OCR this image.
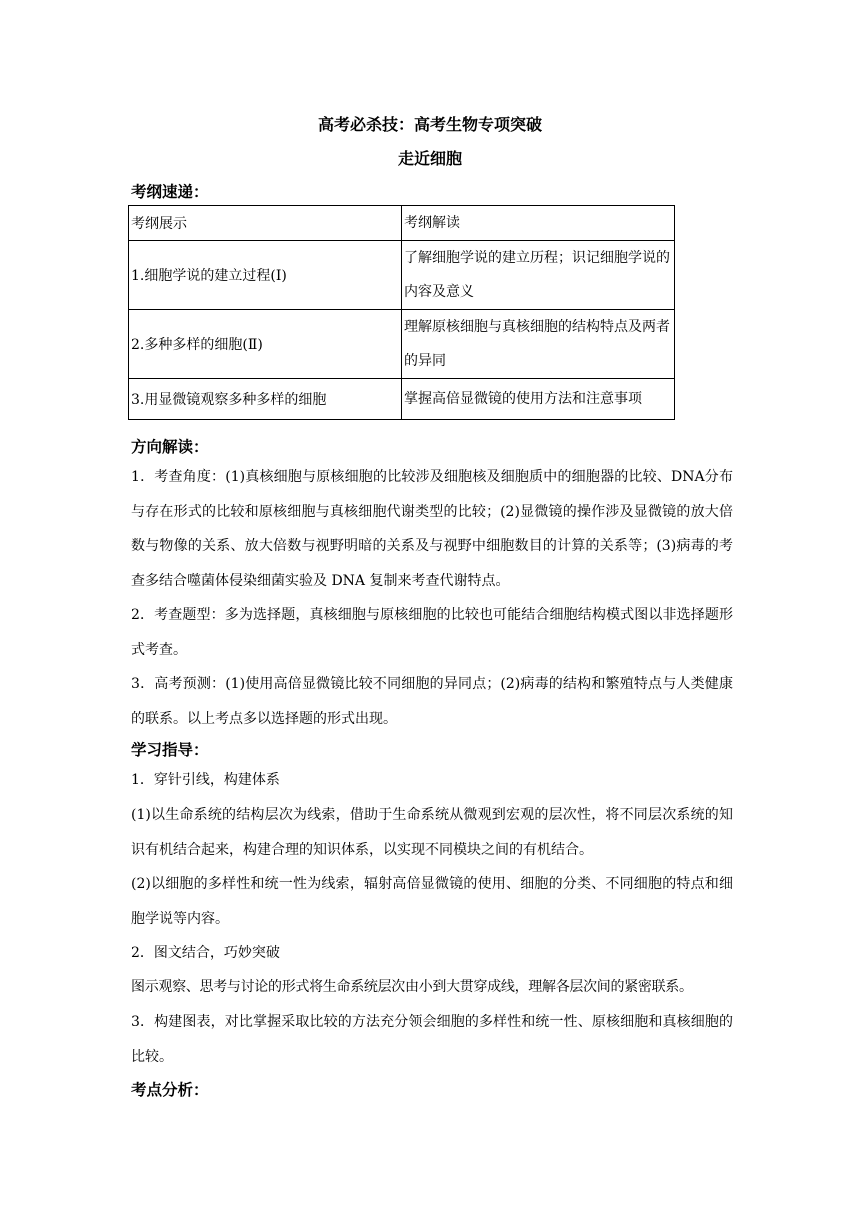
高考必杀技：高考生物专项突破
走近细胞
考纲速递：
考纲展示	考纲解读
1.细胞学说的建立过程(Ⅰ)	了解细胞学说的建立历程；识记细胞学说的内容及意义
2.多种多样的细胞(Ⅱ)	理解原核细胞与真核细胞的结构特点及两者的异同
3.用显微镜观察多种多样的细胞	掌握高倍显微镜的使用方法和注意事项
方向解读：
1．考查角度：(1)真核细胞与原核细胞的比较涉及细胞核及细胞质中的细胞器的比较、DNA分布与存在形式的比较和原核细胞与真核细胞代谢类型的比较；(2)显微镜的操作涉及显微镜的放大倍数与物像的关系、放大倍数与视野明暗的关系及与视野中细胞数目的计算的关系等；(3)病毒的考查多结合噬菌体侵染细菌实验及 DNA 复制来考查代谢特点。
2．考查题型：多为选择题，真核细胞与原核细胞的比较也可能结合细胞结构模式图以非选择题形式考查。
3．高考预测：(1)使用高倍显微镜比较不同细胞的异同点；(2)病毒的结构和繁殖特点与人类健康的联系。以上考点多以选择题的形式出现。
学习指导：
1．穿针引线，构建体系
(1)以生命系统的结构层次为线索，借助于生命系统从微观到宏观的层次性，将不同层次系统的知识有机结合起来，构建合理的知识体系，以实现不同模块之间的有机结合。
(2)以细胞的多样性和统一性为线索，辐射高倍显微镜的使用、细胞的分类、不同细胞的特点和细胞学说等内容。
2．图文结合，巧妙突破
图示观察、思考与讨论的形式将生命系统层次由小到大贯穿成线，理解各层次间的紧密联系。
3．构建图表，对比掌握采取比较的方法充分领会细胞的多样性和统一性、原核细胞和真核细胞的比较。
考点分析：
